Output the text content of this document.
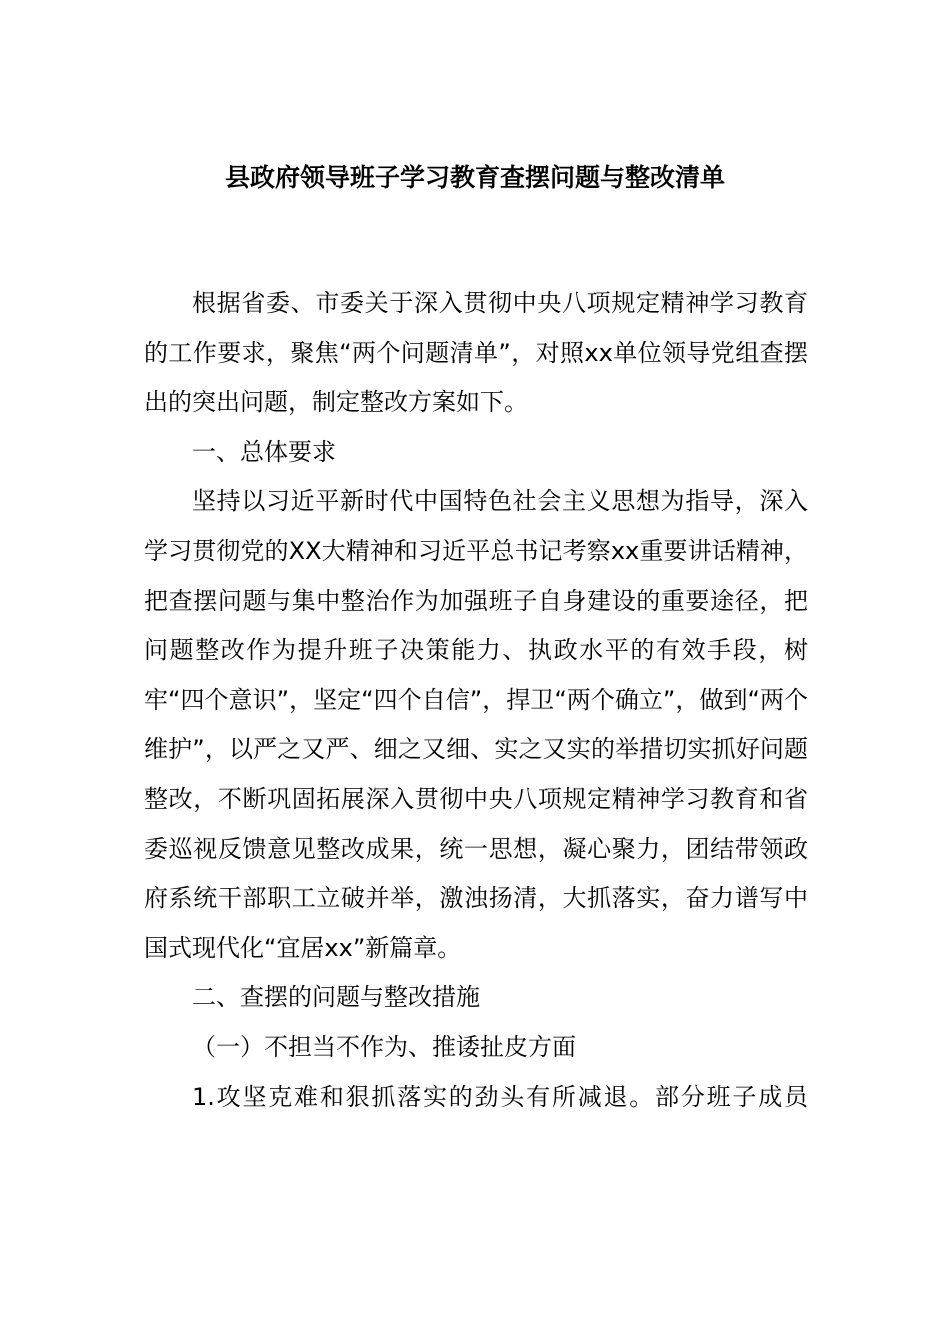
县政府领导班子学习教育查摆问题与整改清单

根据省委、市委关于深入贯彻中央八项规定精神学习教育的工作要求，聚焦“两个问题清单”，对照xx单位领导党组查摆出的突出问题，制定整改方案如下。

一、总体要求

坚持以习近平新时代中国特色社会主义思想为指导，深入学习贯彻党的XX大精神和习近平总书记考察xx重要讲话精神，把查摆问题与集中整治作为加强班子自身建设的重要途径，把问题整改作为提升班子决策能力、执政水平的有效手段，树牢“四个意识”，坚定“四个自信”，捍卫“两个确立”，做到“两个维护”，以严之又严、细之又细、实之又实的举措切实抓好问题整改，不断巩固拓展深入贯彻中央八项规定精神学习教育和省委巡视反馈意见整改成果，统一思想，凝心聚力，团结带领政府系统干部职工立破并举，激浊扬清，大抓落实，奋力谱写中国式现代化“宜居xx”新篇章。

二、查摆的问题与整改措施

（一）不担当不作为、推诿扯皮方面

1.攻坚克难和狠抓落实的劲头有所减退。部分班子成员
